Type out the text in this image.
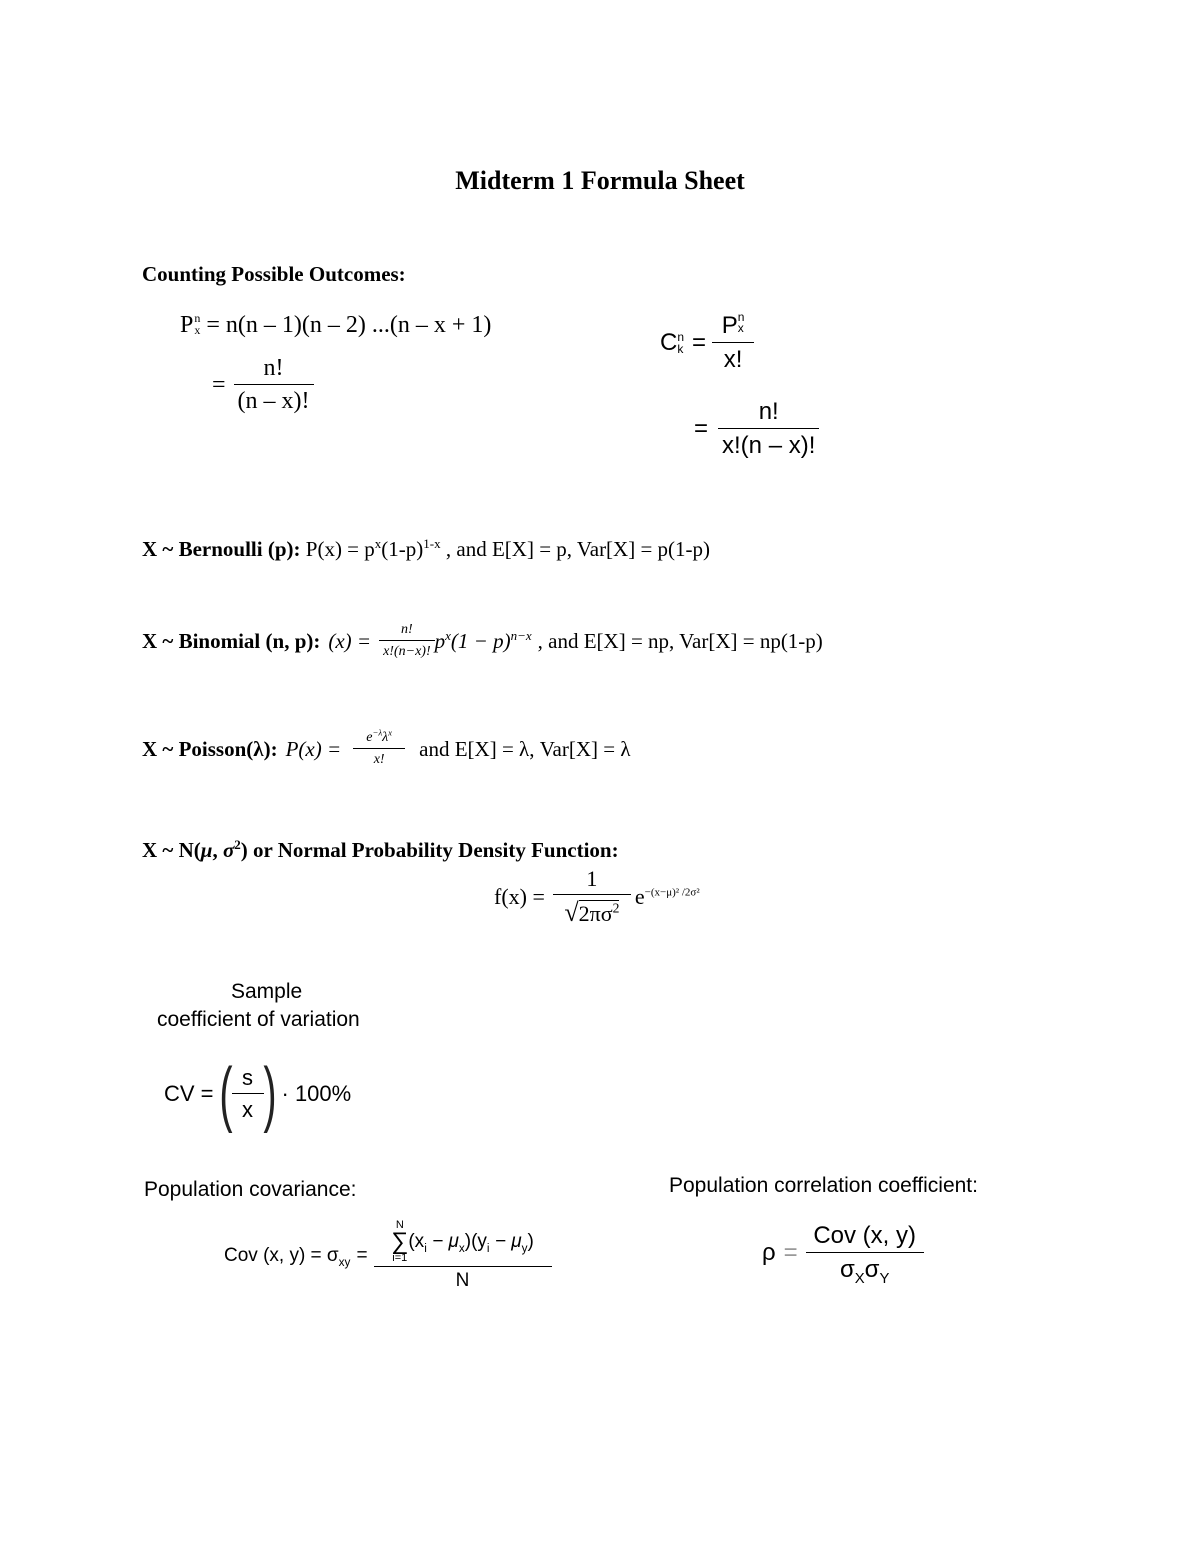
Midterm 1 Formula Sheet
Counting Possible Outcomes:
P n
x = n(n – 1)(n – 2) ...(n – x + 1)
= $\frac{n!}{(n - x)!}$
C n
k = P n
x
x!
= $\frac{n!}{x!(n - x)!}$
X ~ Bernoulli (p): $P(x) = p^x(1-p)^{1-x}$ , and E[X] = p, Var[X] = p(1-p)
X ~ Binomial (n, p): $(x) = \frac{n!}{x!(n-x)!} p^x(1 - p)^{n-x}$ , and E[X] = np, Var[X] = np(1-p)
X ~ Poisson(λ): $P(x) = \frac{e^{-\lambda}\lambda^x}{x!}$ and E[X] = λ, Var[X] = λ
X ~ N(μ, $\sigma^2$) or Normal Probability Density Function:
$f(x) = \frac{1}{√2\pi\sigma^2} e^{-(x-\mu)^2 /2\sigma^2}$
Sample
coefficient of variation
CV = ( $\frac{s}{x}$ ) · 100%
Population covariance:
Cov (x, $y) = \sigma_{xy} = N$
∑
i=1
$(x_i - \mu_x)(y_i - \mu_y)$
N
Population correlation coefficient:
$\rho = \frac{\text{Cov (x, y)}}{\sigma_X\sigma_Y}$
